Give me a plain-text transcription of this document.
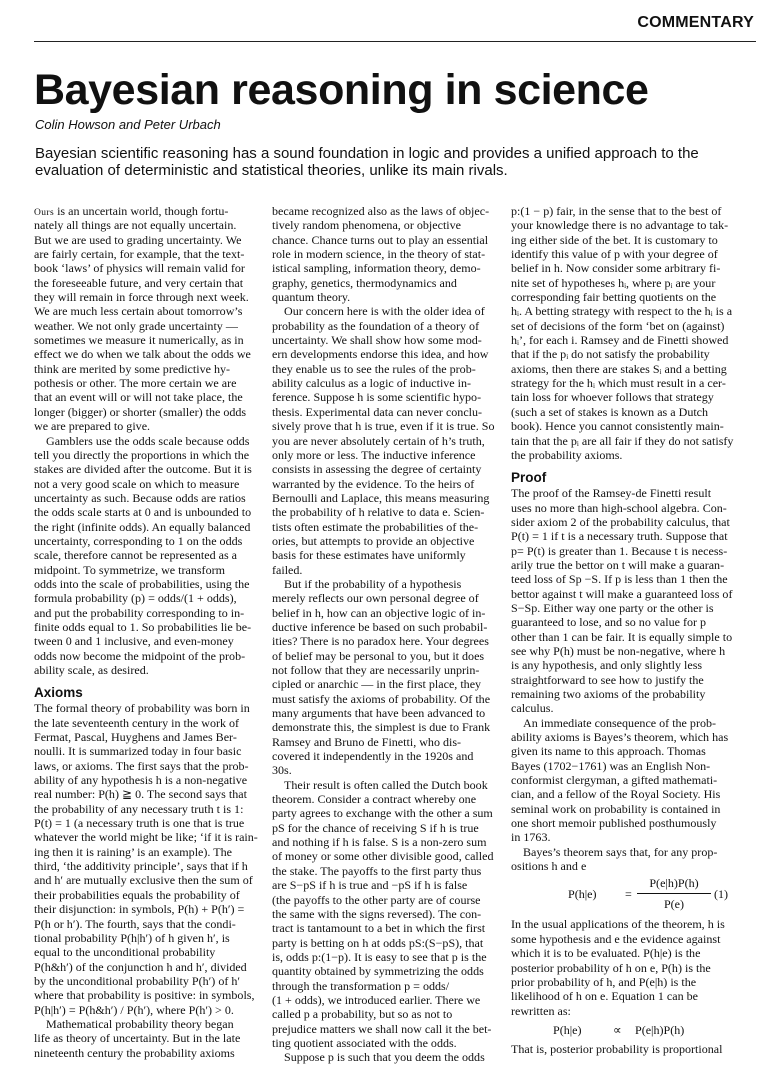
COMMENTARY
Bayesian reasoning in science

Colin Howson and Peter Urbach

Bayesian scientific reasoning has a sound foundation in logic and provides a unified approach to the
evaluation of deterministic and statistical theories, unlike its main rivals.
Ours is an uncertain world, though fortu-
nately all things are not equally uncertain.
But we are used to grading uncertainty. We
are fairly certain, for example, that the text-
book ‘laws’ of physics will remain valid for
the foreseeable future, and very certain that
they will remain in force through next week.
We are much less certain about tomorrow’s
weather. We not only grade uncertainty —
sometimes we measure it numerically, as in
effect we do when we talk about the odds we
think are merited by some predictive hy-
pothesis or other. The more certain we are
that an event will or will not take place, the
longer (bigger) or shorter (smaller) the odds
we are prepared to give.
Gamblers use the odds scale because odds
tell you directly the proportions in which the
stakes are divided after the outcome. But it is
not a very good scale on which to measure
uncertainty as such. Because odds are ratios
the odds scale starts at 0 and is unbounded to
the right (infinite odds). An equally balanced
uncertainty, corresponding to 1 on the odds
scale, therefore cannot be represented as a
midpoint. To symmetrize, we transform
odds into the scale of probabilities, using the
formula probability (p) = odds/(1 + odds),
and put the probability corresponding to in-
finite odds equal to 1. So probabilities lie be-
tween 0 and 1 inclusive, and even-money
odds now become the midpoint of the prob-
ability scale, as desired.
Axioms
The formal theory of probability was born in
the late seventeenth century in the work of
Fermat, Pascal, Huyghens and James Ber-
noulli. It is summarized today in four basic
laws, or axioms. The first says that the prob-
ability of any hypothesis h is a non-negative
real number: P(h) ≧ 0. The second says that
the probability of any necessary truth t is 1:
P(t) = 1 (a necessary truth is one that is true
whatever the world might be like; ‘if it is rain-
ing then it is raining’ is an example). The
third, ‘the additivity principle’, says that if h
and h′ are mutually exclusive then the sum of
their probabilities equals the probability of
their disjunction: in symbols, P(h) + P(h′) =
P(h or h′). The fourth, says that the condi-
tional probability P(h|h′) of h given h′, is
equal to the unconditional probability
P(h&h′) of the conjunction h and h′, divided
by the unconditional probability P(h′) of h′
where that probability is positive: in symbols,
P(h|h′) = P(h&h′) / P(h′), where P(h′) > 0.
Mathematical probability theory began
life as theory of uncertainty. But in the late
nineteenth century the probability axioms
became recognized also as the laws of objec-
tively random phenomena, or objective
chance. Chance turns out to play an essential
role in modern science, in the theory of stat-
istical sampling, information theory, demo-
graphy, genetics, thermodynamics and
quantum theory.
Our concern here is with the older idea of
probability as the foundation of a theory of
uncertainty. We shall show how some mod-
ern developments endorse this idea, and how
they enable us to see the rules of the prob-
ability calculus as a logic of inductive in-
ference. Suppose h is some scientific hypo-
thesis. Experimental data can never conclu-
sively prove that h is true, even if it is true. So
you are never absolutely certain of h’s truth,
only more or less. The inductive inference
consists in assessing the degree of certainty
warranted by the evidence. To the heirs of
Bernoulli and Laplace, this means measuring
the probability of h relative to data e. Scien-
tists often estimate the probabilities of the-
ories, but attempts to provide an objective
basis for these estimates have uniformly
failed.
But if the probability of a hypothesis
merely reflects our own personal degree of
belief in h, how can an objective logic of in-
ductive inference be based on such probabil-
ities? There is no paradox here. Your degrees
of belief may be personal to you, but it does
not follow that they are necessarily unprin-
cipled or anarchic — in the first place, they
must satisfy the axioms of probability. Of the
many arguments that have been advanced to
demonstrate this, the simplest is due to Frank
Ramsey and Bruno de Finetti, who dis-
covered it independently in the 1920s and
30s.
Their result is often called the Dutch book
theorem. Consider a contract whereby one
party agrees to exchange with the other a sum
pS for the chance of receiving S if h is true
and nothing if h is false. S is a non-zero sum
of money or some other divisible good, called
the stake. The payoffs to the first party thus
are S−pS if h is true and −pS if h is false
(the payoffs to the other party are of course
the same with the signs reversed). The con-
tract is tantamount to a bet in which the first
party is betting on h at odds pS:(S−pS), that
is, odds p:(1−p). It is easy to see that p is the
quantity obtained by symmetrizing the odds
through the transformation p = odds/
(1 + odds), we introduced earlier. There we
called p a probability, but so as not to
prejudice matters we shall now call it the bet-
ting quotient associated with the odds.
Suppose p is such that you deem the odds
p:(1 − p) fair, in the sense that to the best of
your knowledge there is no advantage to tak-
ing either side of the bet. It is customary to
identify this value of p with your degree of
belief in h. Now consider some arbitrary fi-
nite set of hypotheses hᵢ, where pᵢ are your
corresponding fair betting quotients on the
hᵢ. A betting strategy with respect to the hᵢ is a
set of decisions of the form ‘bet on (against)
hᵢ’, for each i. Ramsey and de Finetti showed
that if the pᵢ do not satisfy the probability
axioms, then there are stakes Sᵢ and a betting
strategy for the hᵢ which must result in a cer-
tain loss for whoever follows that strategy
(such a set of stakes is known as a Dutch
book). Hence you cannot consistently main-
tain that the pᵢ are all fair if they do not satisfy
the probability axioms.
Proof
The proof of the Ramsey-de Finetti result
uses no more than high-school algebra. Con-
sider axiom 2 of the probability calculus, that
P(t) = 1 if t is a necessary truth. Suppose that
p= P(t) is greater than 1. Because t is necess-
arily true the bettor on t will make a guaran-
teed loss of Sp −S. If p is less than 1 then the
bettor against t will make a guaranteed loss of
S−Sp. Either way one party or the other is
guaranteed to lose, and so no value for p
other than 1 can be fair. It is equally simple to
see why P(h) must be non-negative, where h
is any hypothesis, and only slightly less
straightforward to see how to justify the
remaining two axioms of the probability
calculus.
An immediate consequence of the prob-
ability axioms is Bayes’s theorem, which has
given its name to this approach. Thomas
Bayes (1702−1761) was an English Non-
conformist clergyman, a gifted mathemati-
cian, and a fellow of the Royal Society. His
seminal work on probability is contained in
one short memoir published posthumously
in 1763.
Bayes’s theorem says that, for any prop-
ositions h and e
P(h|e) =
P(e|h)P(h)
P(e)
(1)
In the usual applications of the theorem, h is
some hypothesis and e the evidence against
which it is to be evaluated. P(h|e) is the
posterior probability of h on e, P(h) is the
prior probability of h, and P(e|h) is the
likelihood of h on e. Equation 1 can be
rewritten as:
P(h|e)	∝ P(e|h)P(h)
That is, posterior probability is proportional
